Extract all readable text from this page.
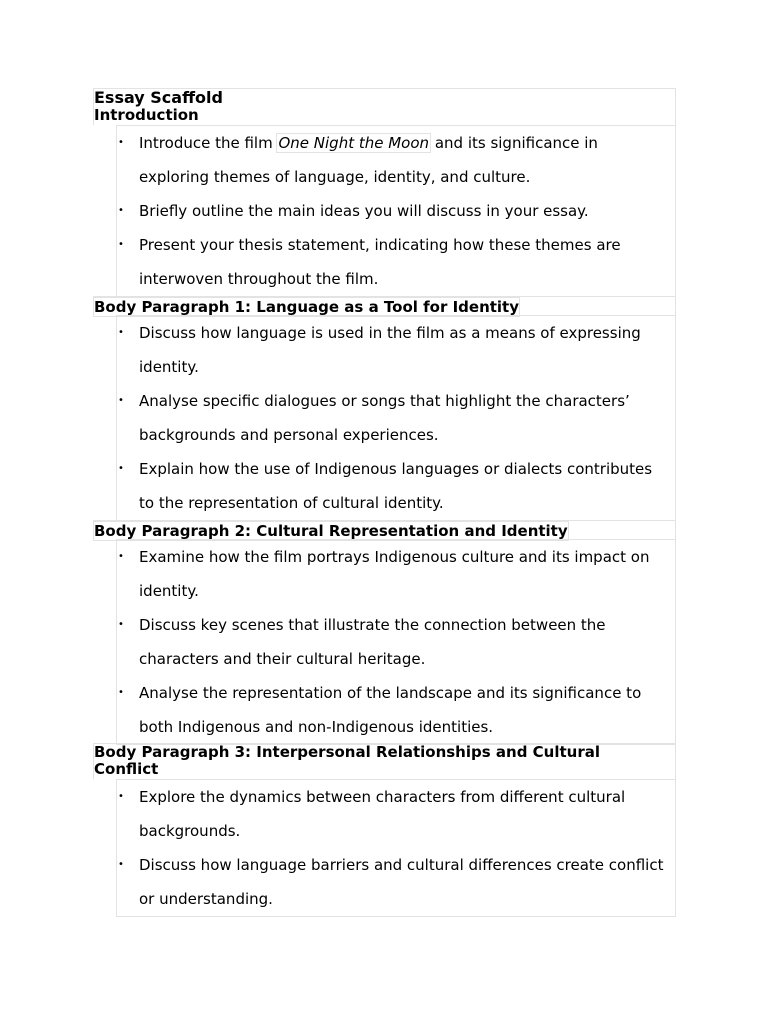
Essay Scaffold
Introduction
• Introduce the film One Night the Moon and its significance in exploring themes of language, identity, and culture.
• Briefly outline the main ideas you will discuss in your essay.
• Present your thesis statement, indicating how these themes are interwoven throughout the film.
Body Paragraph 1: Language as a Tool for Identity
• Discuss how language is used in the film as a means of expressing identity.
• Analyse specific dialogues or songs that highlight the characters’ backgrounds and personal experiences.
• Explain how the use of Indigenous languages or dialects contributes to the representation of cultural identity.
Body Paragraph 2: Cultural Representation and Identity
• Examine how the film portrays Indigenous culture and its impact on identity.
• Discuss key scenes that illustrate the connection between the characters and their cultural heritage.
• Analyse the representation of the landscape and its significance to both Indigenous and non-Indigenous identities.
Body Paragraph 3: Interpersonal Relationships and Cultural Conflict
• Explore the dynamics between characters from different cultural backgrounds.
• Discuss how language barriers and cultural differences create conflict or understanding.
